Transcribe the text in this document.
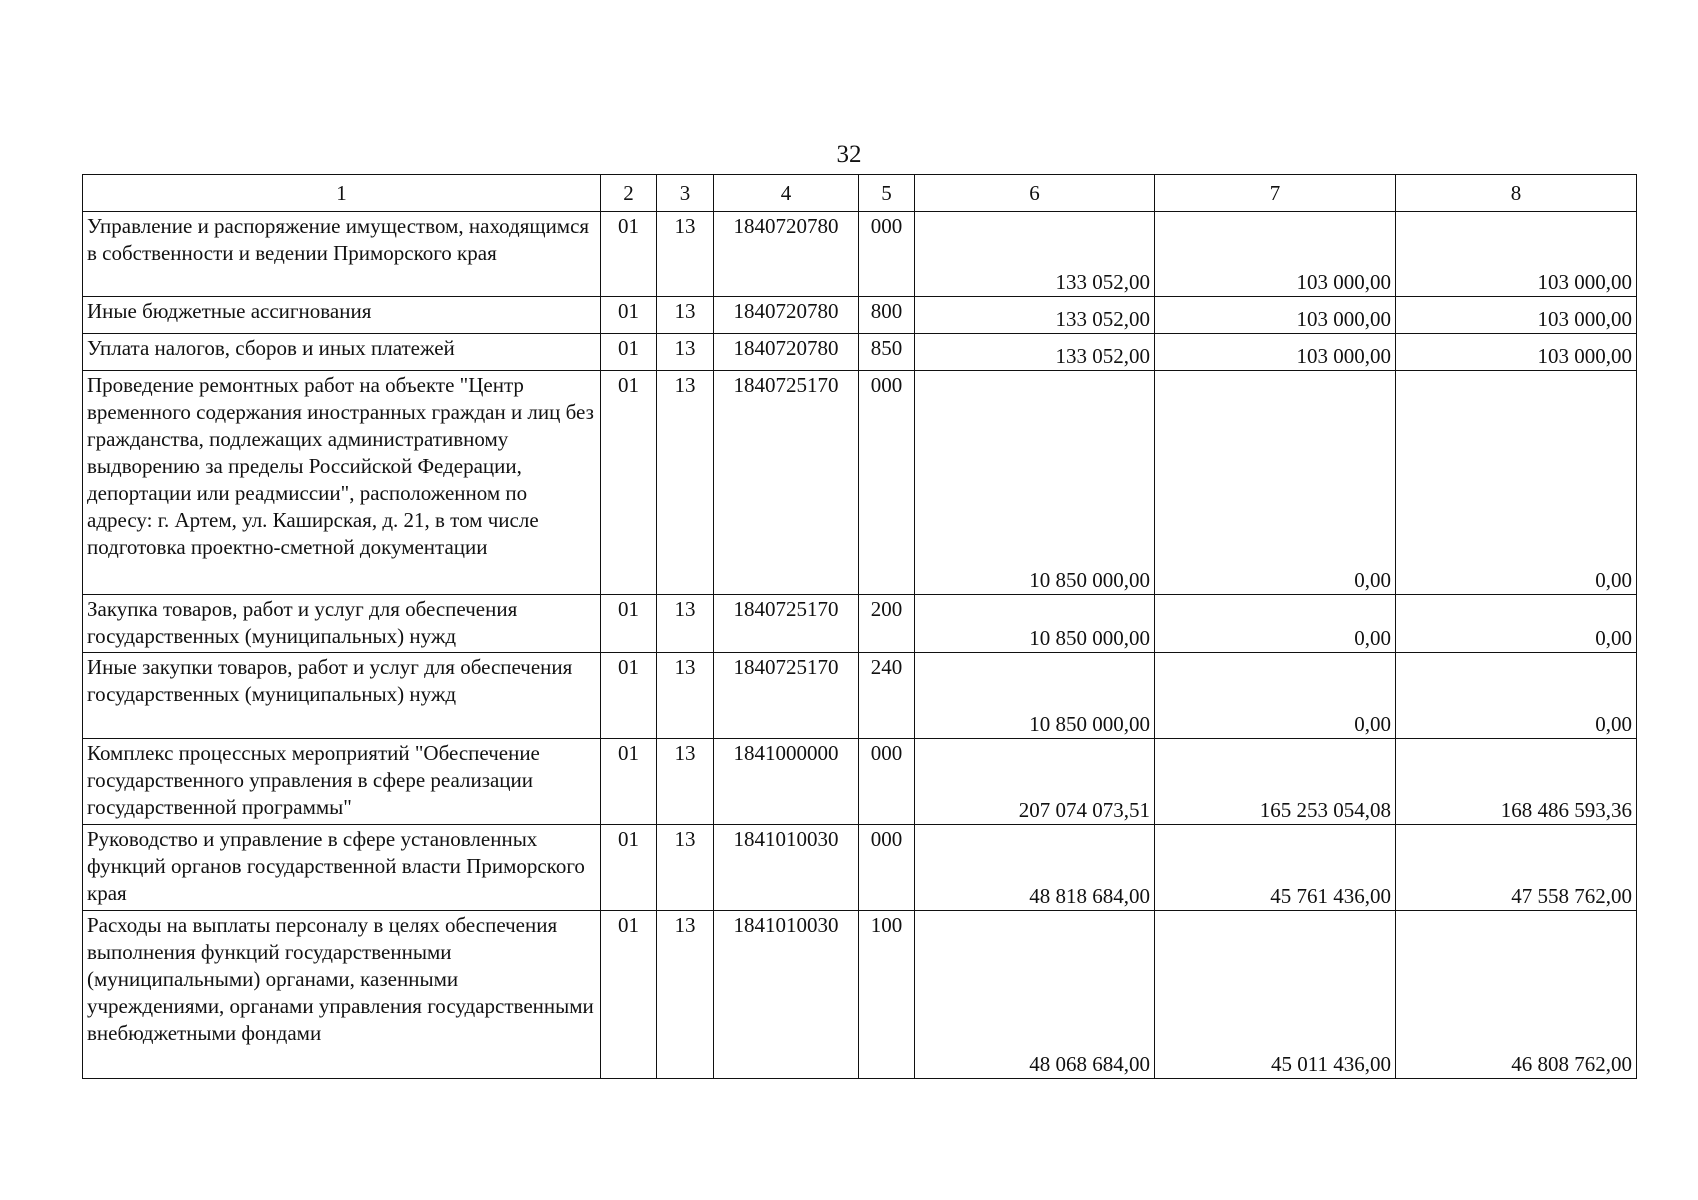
32
1	2	3	4	5	6	7	8
Управление и распоряжение имуществом, находящимся в собственности и ведении Приморского края	01	13	1840720780	000	133 052,00	103 000,00	103 000,00
Иные бюджетные ассигнования	01	13	1840720780	800	133 052,00	103 000,00	103 000,00
Уплата налогов, сборов и иных платежей	01	13	1840720780	850	133 052,00	103 000,00	103 000,00
Проведение ремонтных работ на объекте "Центр временного содержания иностранных граждан и лиц без гражданства, подлежащих административному выдворению за пределы Российской Федерации, депортации или реадмиссии", расположенном по адресу: г. Артем, ул. Каширская, д. 21, в том числе подготовка проектно-сметной документации	01	13	1840725170	000	10 850 000,00	0,00	0,00
Закупка товаров, работ и услуг для обеспечения государственных (муниципальных) нужд	01	13	1840725170	200	10 850 000,00	0,00	0,00
Иные закупки товаров, работ и услуг для обеспечения государственных (муниципальных) нужд	01	13	1840725170	240	10 850 000,00	0,00	0,00
Комплекс процессных мероприятий "Обеспечение государственного управления в сфере реализации государственной программы"	01	13	1841000000	000	207 074 073,51	165 253 054,08	168 486 593,36
Руководство и управление в сфере установленных функций органов государственной власти Приморского края	01	13	1841010030	000	48 818 684,00	45 761 436,00	47 558 762,00
Расходы на выплаты персоналу в целях обеспечения выполнения функций государственными (муниципальными) органами, казенными учреждениями, органами управления государственными внебюджетными фондами	01	13	1841010030	100	48 068 684,00	45 011 436,00	46 808 762,00
